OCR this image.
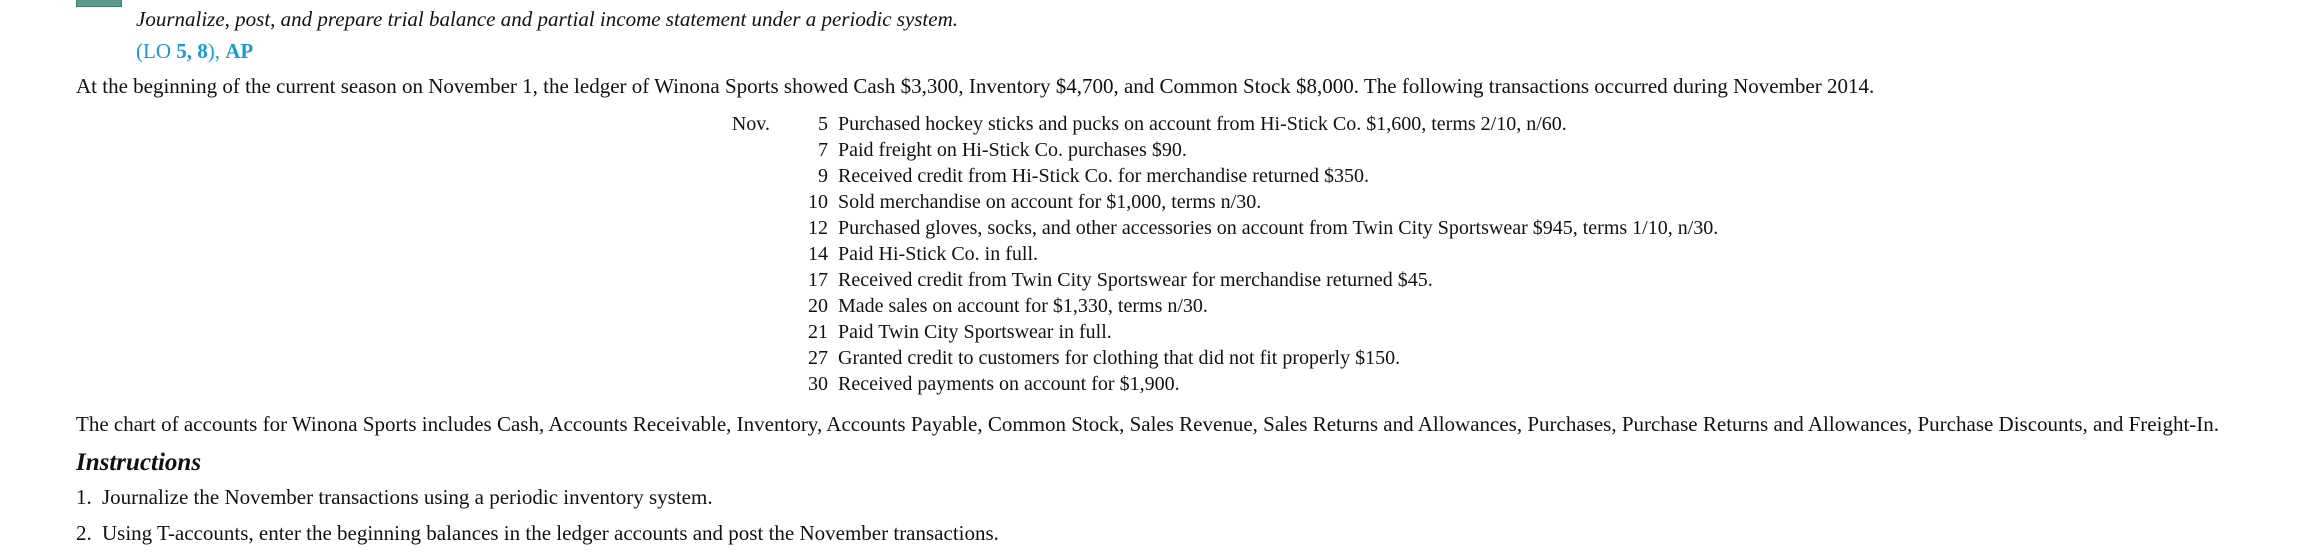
Journalize, post, and prepare trial balance and partial income statement under a periodic system.
(LO 5, 8), AP
At the beginning of the current season on November 1, the ledger of Winona Sports showed Cash $3,300, Inventory $4,700, and Common Stock $8,000. The following transactions occurred during November 2014.
Nov.	5	Purchased hockey sticks and pucks on account from Hi-Stick Co. $1,600, terms 2/10, n/60.
	7	Paid freight on Hi-Stick Co. purchases $90.
	9	Received credit from Hi-Stick Co. for merchandise returned $350.
	10	Sold merchandise on account for $1,000, terms n/30.
	12	Purchased gloves, socks, and other accessories on account from Twin City Sportswear $945, terms 1/10, n/30.
	14	Paid Hi-Stick Co. in full.
	17	Received credit from Twin City Sportswear for merchandise returned $45.
	20	Made sales on account for $1,330, terms n/30.
	21	Paid Twin City Sportswear in full.
	27	Granted credit to customers for clothing that did not fit properly $150.
	30	Received payments on account for $1,900.
The chart of accounts for Winona Sports includes Cash, Accounts Receivable, Inventory, Accounts Payable, Common Stock, Sales Revenue, Sales Returns and Allowances, Purchases, Purchase Returns and Allowances, Purchase Discounts, and Freight-In.
Instructions
1. Journalize the November transactions using a periodic inventory system.
2. Using T-accounts, enter the beginning balances in the ledger accounts and post the November transactions.
